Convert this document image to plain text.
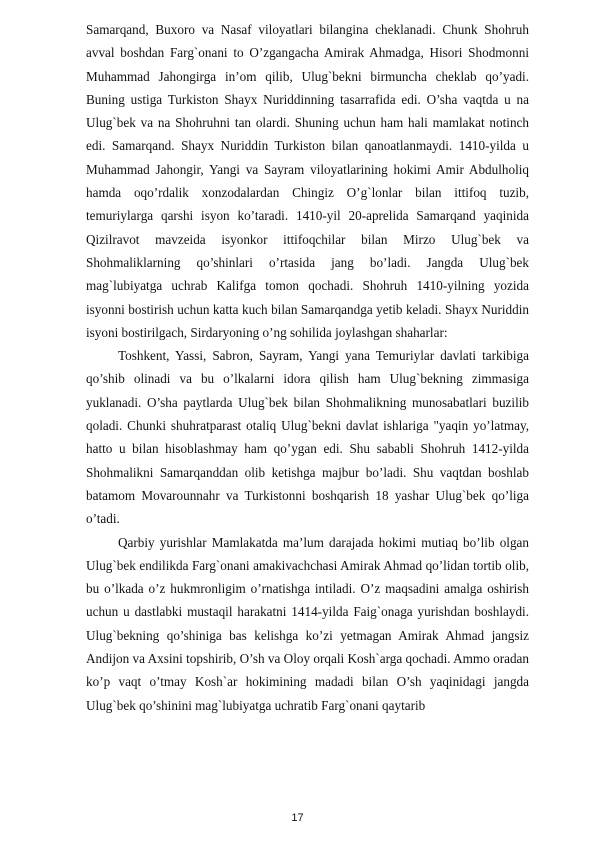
Samarqand, Buxoro va Nasaf viloyatlari bilangina cheklanadi. Chunk Shohruh avval boshdan Farg`onani to O’zgangacha Amirak Ahmadga, Hisori Shodmonni Muhammad Jahongirga in’om qilib, Ulug`bekni birmuncha cheklab qo’yadi. Buning ustiga Turkiston Shayx Nuriddinning tasarrafida edi. O’sha vaqtda u na Ulug`bek va na Shohruhni tan olardi. Shuning uchun ham hali mamlakat notinch edi. Samarqand. Shayx Nuriddin Turkiston bilan qanoatlanmaydi. 1410-yilda u Muhammad Jahongir, Yangi va Sayram viloyatlarining hokimi Amir Abdulholiq hamda oqo’rdalik xonzodalardan Chingiz O’g`lonlar bilan ittifoq tuzib, temuriylarga qarshi isyon ko’taradi. 1410-yil 20-aprelida Samarqand yaqinida Qizilravot mavzeida isyonkor ittifoqchilar bilan Mirzo Ulug`bek va Shohmaliklarning qo’shinlari o’rtasida jang bo’ladi. Jangda Ulug`bek mag`lubiyatga uchrab Kalifga tomon qochadi. Shohruh 1410-yilning yozida isyonni bostirish uchun katta kuch bilan Samarqandga yetib keladi. Shayx Nuriddin isyoni bostirilgach, Sirdaryoning o’ng sohilida joylashgan shaharlar:

Toshkent, Yassi, Sabron, Sayram, Yangi yana Temuriylar davlati tarkibiga qo’shib olinadi va bu o’lkalarni idora qilish ham Ulug`bekning zimmasiga yuklanadi. O’sha paytlarda Ulug`bek bilan Shohmalikning munosabatlari buzilib qoladi. Chunki shuhratparast otaliq Ulug`bekni davlat ishlariga "yaqin yo’latmay, hatto u bilan hisoblashmay ham qo’ygan edi. Shu sababli Shohruh 1412-yilda Shohmalikni Samarqanddan olib ketishga majbur bo’ladi. Shu vaqtdan boshlab batamom Movarounnahr va Turkistonni boshqarish 18 yashar Ulug`bek qo’liga o’tadi.

Qarbiy yurishlar Mamlakatda ma’lum darajada hokimi mutiaq bo’lib olgan Ulug`bek endilikda Farg`onani amakivachchasi Amirak Ahmad qo’lidan tortib olib, bu o’lkada o’z hukmronligim o’rnatishga intiladi. O’z maqsadini amalga oshirish uchun u dastlabki mustaqil harakatni 1414-yilda Faig`onaga yurishdan boshlaydi. Ulug`bekning qo’shiniga bas kelishga ko’zi yetmagan Amirak Ahmad jangsiz Andijon va Axsini topshirib, O’sh va Oloy orqali Kosh`arga qochadi. Ammo oradan ko’p vaqt o’tmay Kosh`ar hokimining madadi bilan O’sh yaqinidagi jangda Ulug`bek qo’shinini mag`lubiyatga uchratib Farg`onani qaytarib

17
